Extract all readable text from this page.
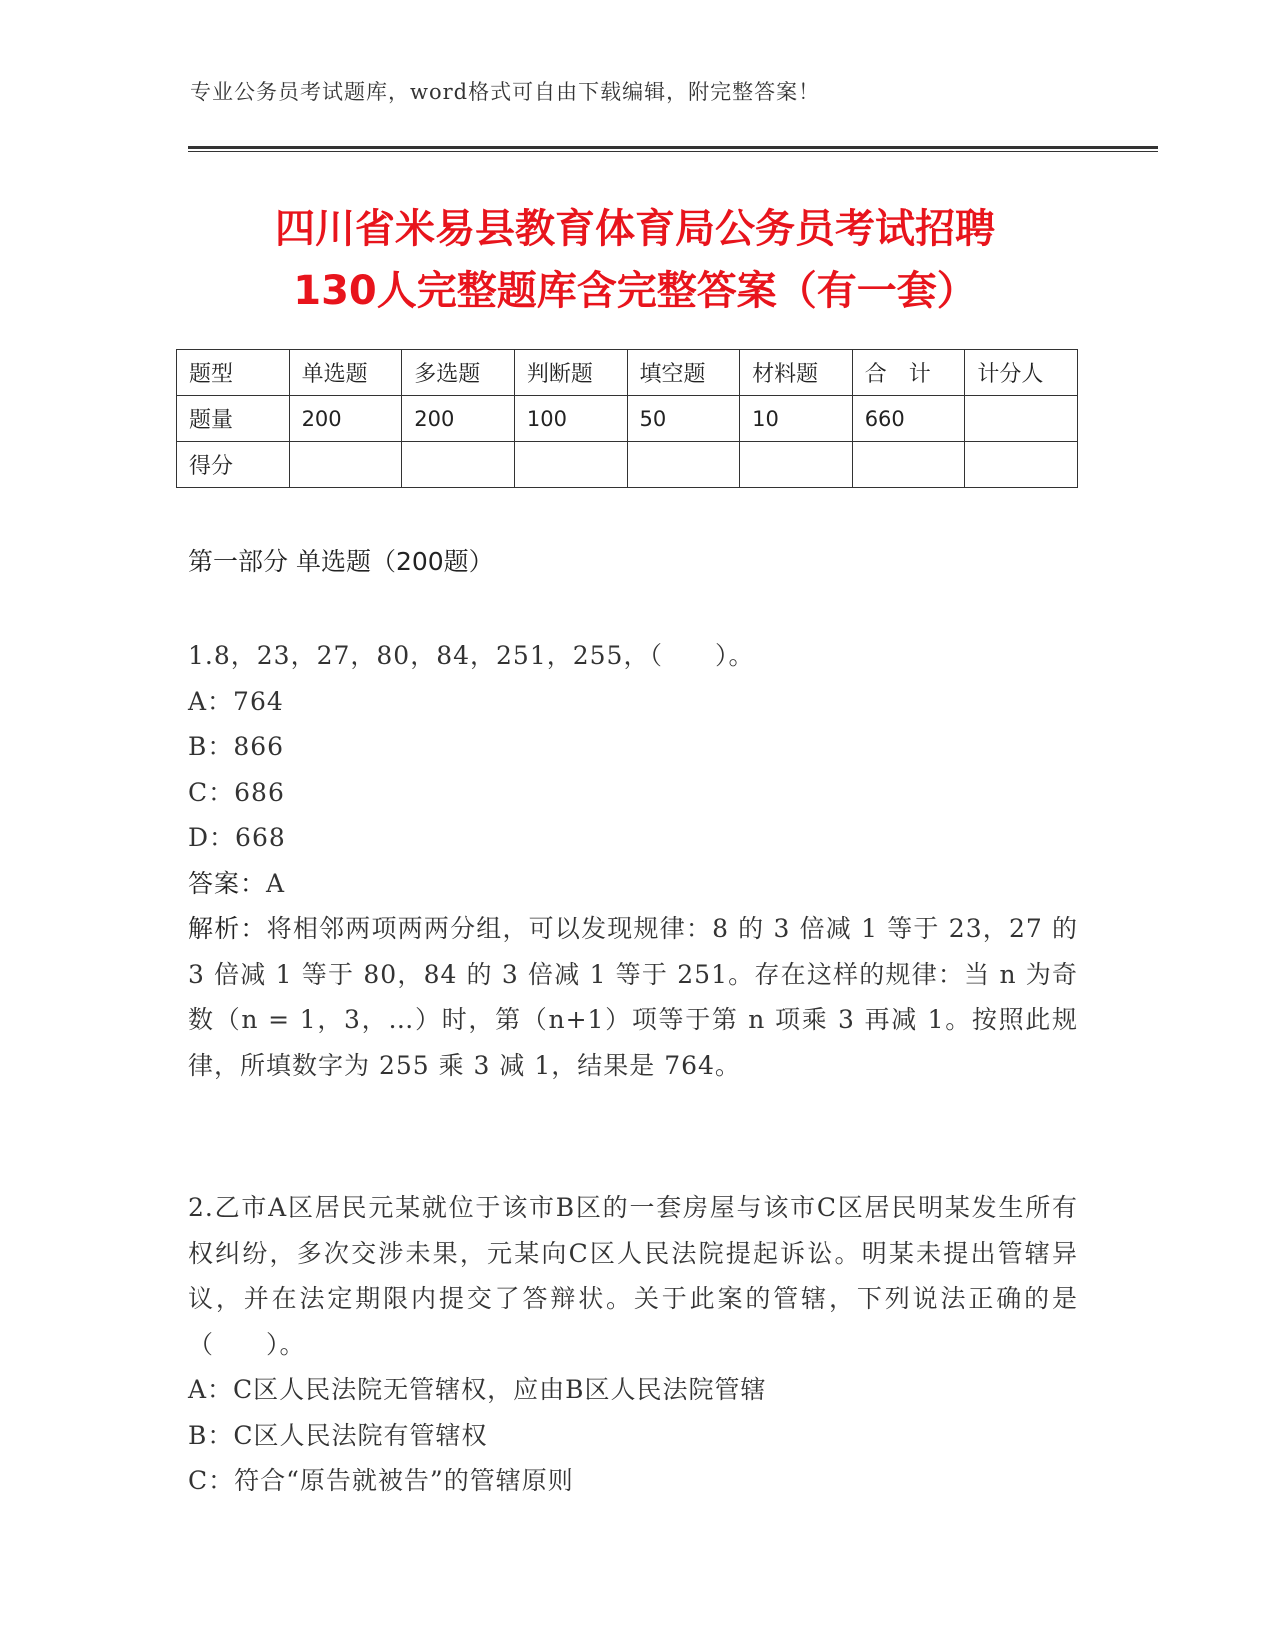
专业公务员考试题库，word格式可自由下载编辑，附完整答案！
四川省米易县教育体育局公务员考试招聘
130人完整题库含完整答案（有一套）
题型	单选题	多选题	判断题	填空题	材料题	合　计	计分人
题量	200	200	100	50	10	660	
得分							
第一部分 单选题（200题）

1.8，23，27，80，84，251，255，（　　）。

A：764

B：866

C：686

D：668

答案：A

解析：将相邻两项两两分组，可以发现规律：8 的 3 倍减 1 等于 23，27 的 3 倍减 1 等于 80，84 的 3 倍减 1 等于 251。存在这样的规律：当 n 为奇数（n = 1，3，…）时，第（n+1）项等于第 n 项乘 3 再减 1。按照此规律，所填数字为 255 乘 3 减 1，结果是 764。

2.乙市A区居民元某就位于该市B区的一套房屋与该市C区居民明某发生所有权纠纷，多次交涉未果，元某向C区人民法院提起诉讼。明某未提出管辖异议，并在法定期限内提交了答辩状。关于此案的管辖，下列说法正确的是（　　）。

A：C区人民法院无管辖权，应由B区人民法院管辖

B：C区人民法院有管辖权

C：符合“原告就被告”的管辖原则
